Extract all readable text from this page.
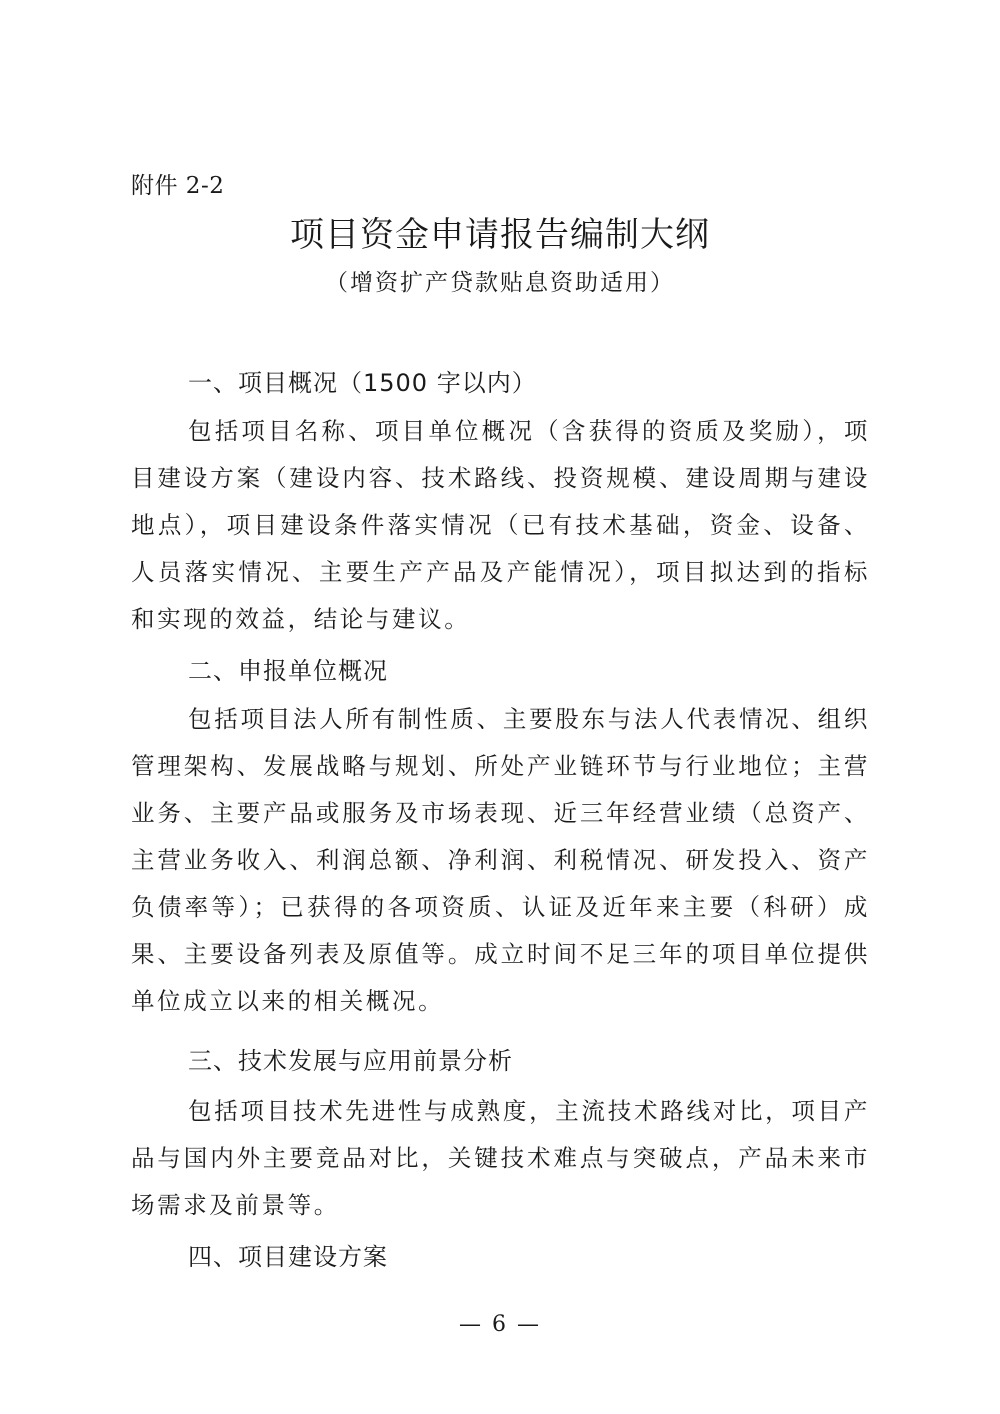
附件 2-2
项目资金申请报告编制大纲
（增资扩产贷款贴息资助适用）
一、项目概况（1500 字以内）
包括项目名称、项目单位概况（含获得的资质及奖励），项目建设方案（建设内容、技术路线、投资规模、建设周期与建设地点），项目建设条件落实情况（已有技术基础，资金、设备、人员落实情况、主要生产产品及产能情况），项目拟达到的指标和实现的效益，结论与建议。
二、申报单位概况
包括项目法人所有制性质、主要股东与法人代表情况、组织管理架构、发展战略与规划、所处产业链环节与行业地位；主营业务、主要产品或服务及市场表现、近三年经营业绩（总资产、主营业务收入、利润总额、净利润、利税情况、研发投入、资产负债率等）；已获得的各项资质、认证及近年来主要（科研）成果、主要设备列表及原值等。成立时间不足三年的项目单位提供单位成立以来的相关概况。
三、技术发展与应用前景分析
包括项目技术先进性与成熟度，主流技术路线对比，项目产品与国内外主要竞品对比，关键技术难点与突破点，产品未来市场需求及前景等。
四、项目建设方案
— 6 —
